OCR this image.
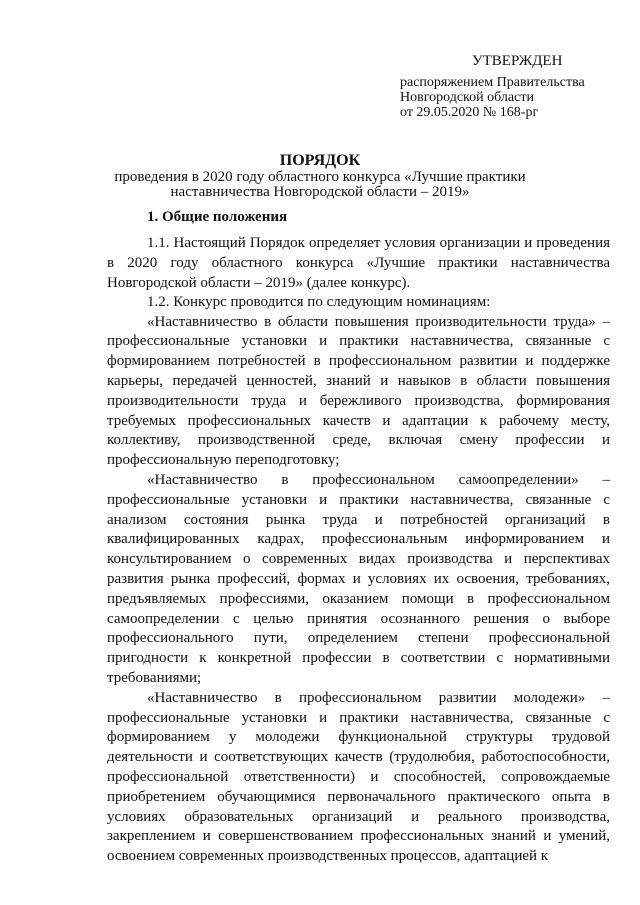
УТВЕРЖДЕН
распоряжением Правительства
Новгородской области
от 29.05.2020 № 168-рг
ПОРЯДОК
проведения в 2020 году областного конкурса «Лучшие практики
наставничества Новгородской области – 2019»
1. Общие положения

1.1. Настоящий Порядок определяет условия организации и проведения в 2020 году областного конкурса «Лучшие практики наставничества Новгородской области – 2019» (далее конкурс).

1.2. Конкурс проводится по следующим номинациям:

«Наставничество в области повышения производительности труда» – профессиональные установки и практики наставничества, связанные с формированием потребностей в профессиональном развитии и поддержке карьеры, передачей ценностей, знаний и навыков в области повышения производительности труда и бережливого производства, формирования требуемых профессиональных качеств и адаптации к рабочему месту, коллективу, производственной среде, включая смену профессии и профессиональную переподготовку;

«Наставничество в профессиональном самоопределении» – профессиональные установки и практики наставничества, связанные с анализом состояния рынка труда и потребностей организаций в квалифицированных кадрах, профессиональным информированием и консультированием о современных видах производства и перспективах развития рынка профессий, формах и условиях их освоения, требованиях, предъявляемых профессиями, оказанием помощи в профессиональном самоопределении с целью принятия осознанного решения о выборе профессионального пути, определением степени профессиональной пригодности к конкретной профессии в соответствии с нормативными требованиями;

«Наставничество в профессиональном развитии молодежи» – профессиональные установки и практики наставничества, связанные с формированием у молодежи функциональной структуры трудовой деятельности и соответствующих качеств (трудолюбия, работоспособности, профессиональной ответственности) и способностей, сопровождаемые приобретением обучающимися первоначального практического опыта в условиях образовательных организаций и реального производства, закреплением и совершенствованием профессиональных знаний и умений, освоением современных производственных процессов, адаптацией к
